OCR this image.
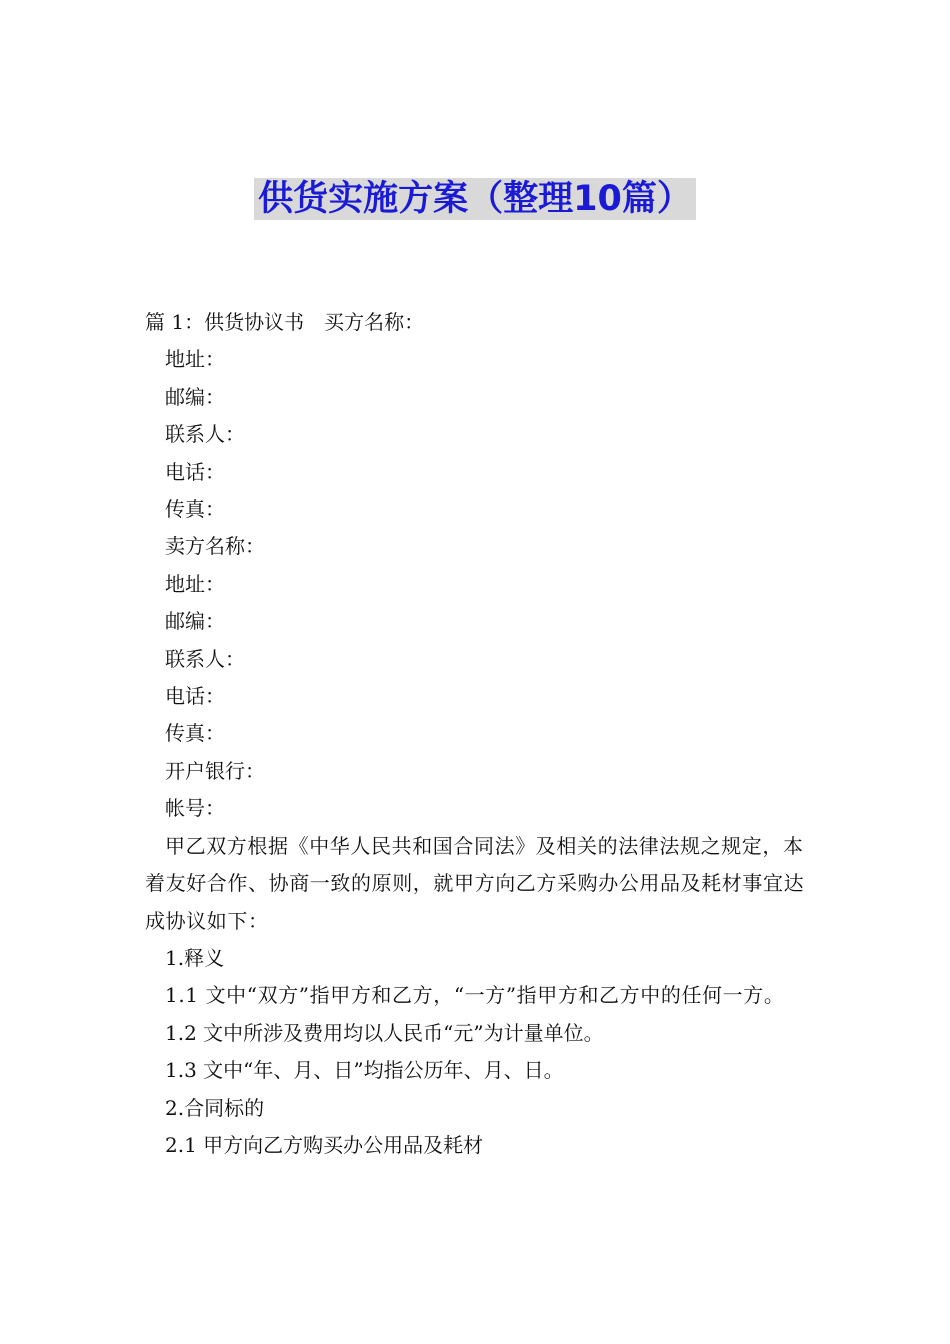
供货实施方案（整理10篇）
篇 1：供货协议书 买方名称：
地址：
邮编：
联系人：
电话：
传真：
卖方名称：
地址：
邮编：
联系人：
电话：
传真：
开户银行：
帐号：
甲乙双方根据《中华人民共和国合同法》及相关的法律法规之规定，本着友好合作、协商一致的原则，就甲方向乙方采购办公用品及耗材事宜达成协议如下：
1.释义
1.1 文中“双方”指甲方和乙方，“一方”指甲方和乙方中的任何一方。
1.2 文中所涉及费用均以人民币“元”为计量单位。
1.3 文中“年、月、日”均指公历年、月、日。
2.合同标的
2.1 甲方向乙方购买办公用品及耗材
